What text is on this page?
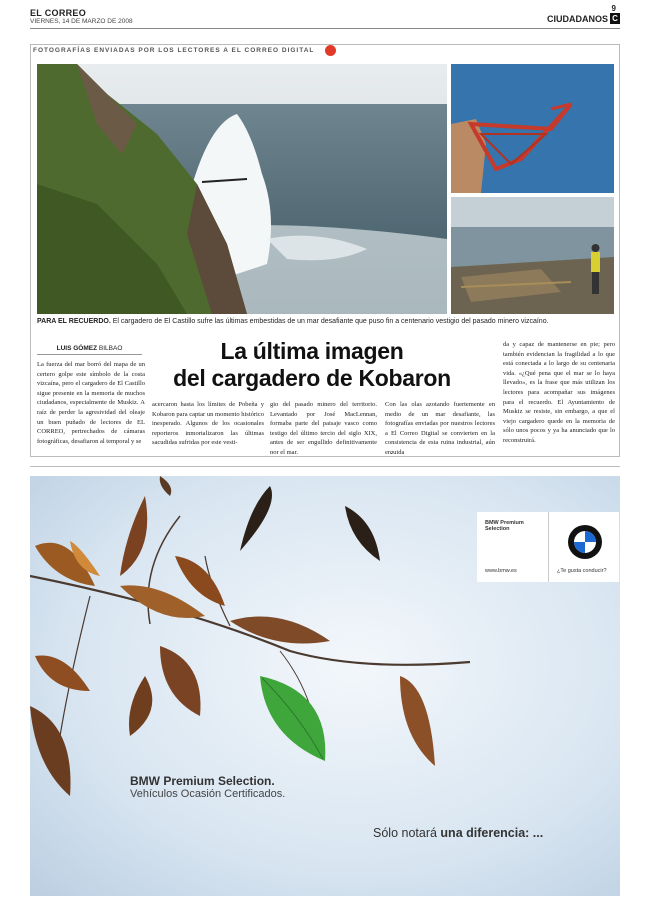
EL CORREO
VIERNES, 14 DE MARZO DE 2008
9
CIUDADANOS C
FOTOGRAFÍAS ENVIADAS POR LOS LECTORES A EL CORREO DIGITAL
PARA EL RECUERDO. El cargadero de El Castillo sufre las últimas embestidas de un mar desafiante que puso fin a centenario vestigio del pasado minero vizcaíno.
LUIS GÓMEZ BILBAO	La última imagen
del cargadero de Kobaron
La fuerza del mar borró del mapa de un certero golpe este símbolo de la costa vizcaína, pero el cargadero de El Castillo sigue presente en la memoria de muchos ciudadanos, especialmente de Muskiz. A raíz de perder la agresividad del oleaje un buen puñado de lectores de EL CORREO, pertrechados de cámaras fotográficas, desafiaron al temporal y se
acercaron hasta los límites de Pobeña y Kobaron para captar un momento histórico inesperado. Algunos de los ocasionales reporteros inmortalizaron las últimas sacudidas sufridas por este vesti-
gio del pasado minero del territorio. Levantado por José MacLennan, formaba parte del paisaje vasco como testigo del último tercio del siglo XIX, antes de ser engullido definitivamente por el mar.
Con las olas azotando fuertemente en medio de un mar desafiante, las fotografías enviadas por nuestros lectores a El Correo Digital se convierten en la consistencia de esta ruina industrial, aún erguida
da y capaz de mantenerse en pie; pero también evidencian la fragilidad a lo que está conectada a lo largo de su centenaria vida. «¿Qué pena que el mar se lo haya llevado», es la frase que más utilizan los lectores para acompañar sus imágenes para el recuerdo. El Ayuntamiento de Muskiz se resiste, sin embargo, a que el viejo cargadero quede en la memoria de sólo unos pocos y ya ha anunciado que lo reconstruirá.
BMW Premium Selection
www.bmw.es	¿Te gusta conducir?
BMW Premium Selection.
Vehículos Ocasión Certificados.
Sólo notará una diferencia: ...
